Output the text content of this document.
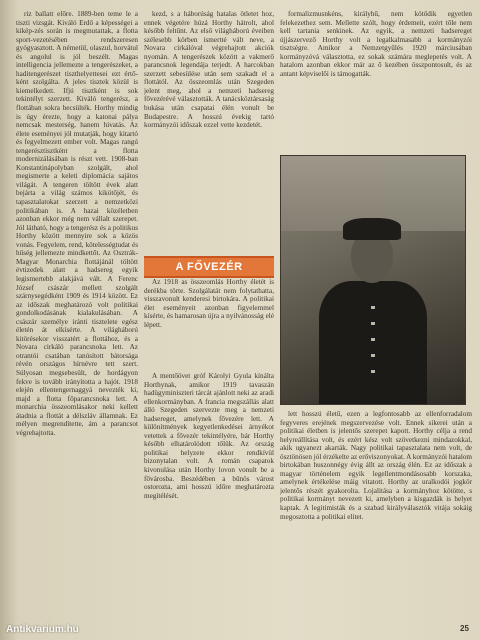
riz ballatt előre. 1889-ben teme le a tiszti vizsgát. Kiváló Erdő a képességei a kikép-zés során is megmutattak, a flotta sport-vezetésében rendszeresen gyógyasztott. A németül, olaszul, horvátul és angolul is jól beszélt. Magas intelligencia jellemezte a tengerészeket, a haditengerészet tiszthelyettesei ezt értő-ként szolgálta. A jeles tisztek közül is kiemelkedett. Ifjú tisztként is sok tekintélyt szerzett. Kiváló tengerész, a flottában sokra becsülték. Horthy mindig is úgy érezte, hogy a katonai pálya nemcsak mesterség, hanem hivatás. Az élete eseményei jól mutatják, hogy kitartó és fegyelmezett ember volt. Magas rangú tengerésztisztként a flotta modernizálásában is részt vett. 1908-ban Konstantinápolyban szolgált, ahol megismerte a keleti diplomácia sajátos világát. A tengeren töltött évek alatt bejárta a világ számos kikötőjét, és tapasztalatokat szerzett a nemzetközi politikában is. A hazai közéletben azonban ekkor még nem vállalt szerepet. Jól látható, hogy a tengerész és a politikus Horthy között mennyire sok a közös vonás. Fegyelem, rend, kötelességtudat és hűség jellemezte mindkettőt. Az Osztrák-Magyar Monarchia flottájánál töltött évtizedek alatt a hadsereg egyik legismertebb alakjává vált. A Ferenc József császár mellett szolgált szárnysegédként 1909 és 1914 között. Ez az időszak meghatározó volt politikai gondolkodásának kialakulásában. A császár személye iránti tisztelete egész életén át elkísérte. A világháború kitörésekor visszatért a flottához, és a Novara cirkáló parancsnoka lett. Az otrantói csatában tanúsított bátorsága révén országos hírnévre tett szert. Súlyosan megsebesült, de hordágyon fekve is tovább irányította a hajót. 1918 elején ellentengernaggyá nevezték ki, majd a flotta főparancsnoka lett. A monarchia összeomlásakor neki kellett átadnia a flottát a délszláv államnak. Ez mélyen megrendítette, ám a parancsot végrehajtotta.

kezd, s a háborúság hatalas ötletet hoz, ennek végetére húzá Horthy hátrolt, ahol később feltűnt. Az első világháború éveiben szélesebb körben ismertté vált neve, a Novara cirkálóval végrehajtott akciók nyomán. A tengerészek között a vakmerő parancsnok legendája terjedt. A harcokban szerzett sebesülése után sem szakadt el a flottától. Az összeomlás után Szegeden jelent meg, ahol a nemzeti hadsereg fővezérévé választották. A tanácsköztársaság bukása után csapatai élén vonult be Budapestre. A hosszú évekig tartó kormányzói időszak ezzel vette kezdetét.

A FŐVEZÉR

Az 1918 as összeomlás Horthy életét is derékba törte. Szolgálatát nem folytathatta, visszavonult kenderesi birtokára. A politikai élet eseményeit azonban figyelemmel kísérte, és hamarosan újra a nyilvánosság elé lépett.

A mentőövet gróf Károlyi Gyula kínálta Horthynak, amikor 1919 tavaszán hadügyminiszteri tárcát ajánlott neki az aradi ellenkormányban. A francia megszállás alatt álló Szegeden szervezte meg a nemzeti hadsereget, amelynek fővezére lett. A különítmények kegyetlenkedései árnyékot vetettek a fővezér tekintélyére, bár Horthy később elhatárolódott tőlük. Az ország politikai helyzete ekkor rendkívül bizonytalan volt. A román csapatok kivonulása után Horthy lovon vonult be a fővárosba. Beszédében a bűnös várost ostorozta, ami hosszú időre meghatározta megítélését.

formalizmusnkéns, királyhű, nem kötődik egyetlen felekezethez sem. Mellette szólt, hogy érdemeit, ezért tőle nem kell tartania senkinek. Az egyik, a nemzeti hadsereget újjászervező Horthy volt a legalkalmasabb a kormányzói tisztségre. Amikor a Nemzetgyűlés 1920 márciusában kormányzóvá választotta, ez sokak számára meglepetés volt. A hatalom azonban ekkor már az ő kezében összpontosult, és az antant képviselői is támogatták.

lett hosszú életű, ezen a legfontosabb az ellenforradalom fegyveres erejének megszervezése volt. Ennek sikerei után a politikai életben is jelentős szerepet kapott. Horthy célja a rend helyreállítása volt, és ezért kész volt szövetkezni mindazokkal, akik ugyanezt akarták. Nagy politikai tapasztalata nem volt, de ösztönösen jól érzékelte az erőviszonyokat. A kormányzói hatalom birtokában huszonnégy évig állt az ország élén. Ez az időszak a magyar történelem egyik legellentmondásosabb korszaka, amelynek értékelése máig vitatott. Horthy az uralkodói jogkör jelentős részét gyakorolta. Lojalitása a kormányhoz kötötte, s politikai kormányt nevezett ki, amelyben a kisgazdák is helyet kaptak. A legitimisták és a szabad királyválasztók vitája sokáig megosztotta a politikai elitet.

25
Antikvarium.hu
